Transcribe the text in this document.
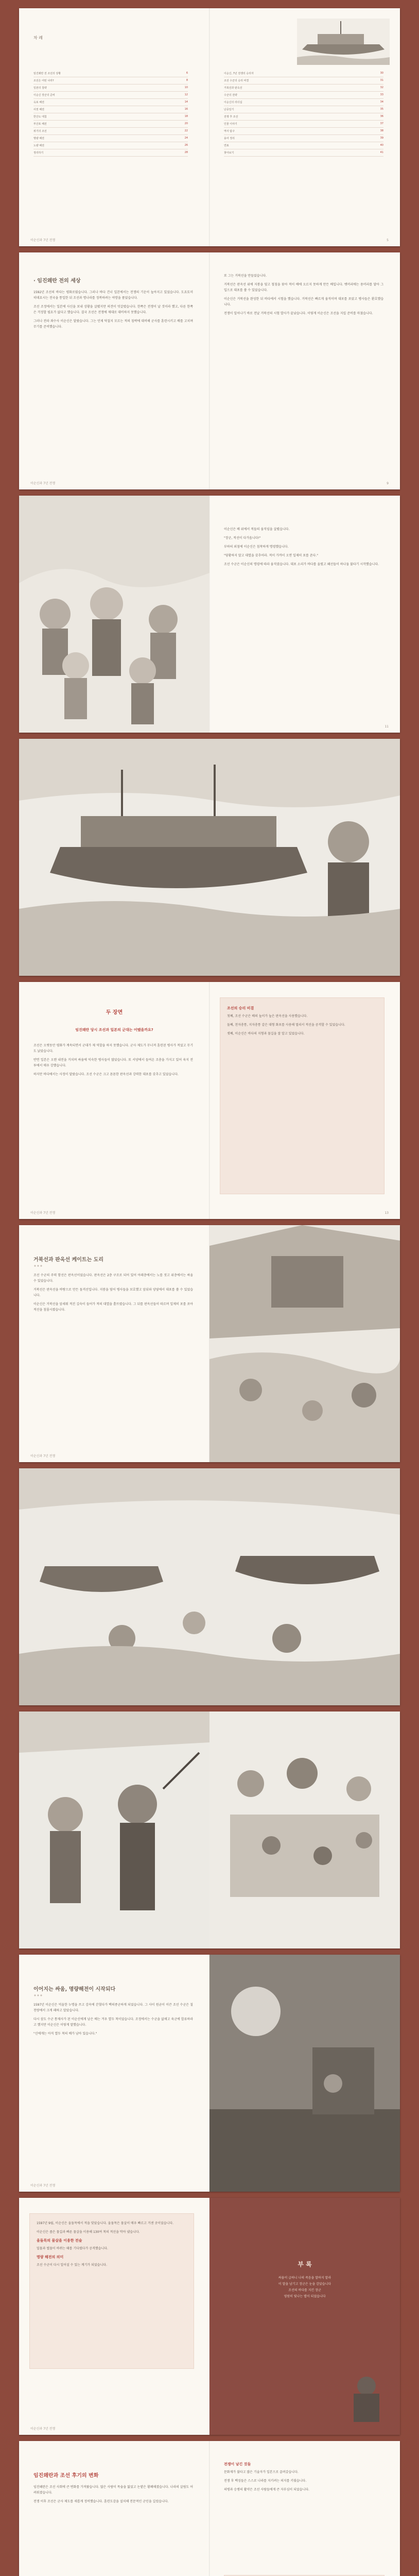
차 례
임진왜란 전 조선의 상황	6
조선은 어떤 나라?	8
일본의 침략	10
이순신 장군의 준비	12
옥포 해전	14
사천 해전	16
한산도 대첩	18
부산포 해전	20
위기의 조선	22
명량 해전	24
노량 해전	26
정리하기	28
이순신과 7년 전쟁
이순신, 7년 전쟁의 승리자	30
조선 수군의 승리 비결	31
거북선과 판옥선	32
수군의 전략	33
이순신의 리더십	34
난중일기	35
전쟁 후 조선	36
인물 이야기	37
역사 탐구	38
용어 정리	39
연표	40
찾아보기	41
5
· 임진왜란 전의 세상

1592년 조선의 바다는 평화로웠습니다. 그러나 바다 건너 일본에서는 전쟁의 기운이 높아지고 있었습니다. 도요토미 히데요시는 전국을 통일한 뒤 조선과 명나라를 정복하려는 야망을 품었습니다.

조선 조정에서는 일본에 사신을 보내 상황을 살폈지만 의견이 엇갈렸습니다. 한쪽은 전쟁이 날 것이라 했고, 다른 한쪽은 걱정할 필요가 없다고 했습니다. 결국 조선은 전쟁에 제대로 대비하지 못했습니다.

그러나 전라 좌수사 이순신은 달랐습니다. 그는 언제 닥칠지 모르는 적의 침략에 대비해 군사를 훈련시키고 배를 고치며 무기를 준비했습니다.

이순신과 7년 전쟁

또 그는 거북선을 만들었습니다.

거북선은 판옥선 위에 지붕을 덮고 철침을 꽂아 적이 배에 오르지 못하게 만든 배입니다. 뱃머리에는 용머리를 달아 그 입으로 대포를 쏠 수 있었습니다.

이순신은 거북선을 완성한 뒤 바다에서 시험을 했습니다. 거북선은 빠르게 움직이며 대포를 쏘았고 병사들은 환호했습니다.

전쟁이 일어나기 바로 전날 거북선의 시험 발사가 끝났습니다. 이렇게 이순신은 조선을 지킬 준비를 마쳤습니다.

9

이순신은 배 위에서 적들의 움직임을 살폈습니다.

"장군, 적선이 다가옵니다!"

부하의 외침에 이순신은 침착하게 명령했습니다.

"당황하지 말고 대열을 갖추어라. 적이 가까이 오면 일제히 포를 쏜다."

조선 수군은 이순신의 명령에 따라 움직였습니다. 대포 소리가 바다를 울렸고 왜선들이 하나둘 불타기 시작했습니다.

11
두 장면
임진왜란 당시 조선과 일본의 군대는 어땠을까요?

조선은 오랫동안 평화가 계속되면서 군대가 제 역할을 하지 못했습니다. 군사 제도가 무너져 훈련된 병사가 적었고 무기도 낡았습니다.

반면 일본은 오랜 내전을 거치며 싸움에 익숙한 병사들이 많았습니다. 또 서양에서 들여온 조총을 가지고 있어 육지 전투에서 매우 강했습니다.

하지만 바다에서는 사정이 달랐습니다. 조선 수군은 크고 튼튼한 판옥선과 강력한 대포를 갖추고 있었습니다.

이순신과 7년 전쟁
조선의 승리 비결

첫째, 조선 수군은 배의 높이가 높은 판옥선을 사용했습니다.

둘째, 천자총통, 지자총통 같은 대형 화포를 사용해 멀리서 적선을 공격할 수 있었습니다.

셋째, 이순신은 바다의 지형과 물길을 잘 알고 있었습니다.

13
거북선과 판옥선 케이트는 도리

조선 수군의 주력 함선은 판옥선이었습니다. 판옥선은 2층 구조로 되어 있어 아래층에서는 노를 젓고 위층에서는 싸울 수 있었습니다.

거북선은 판옥선을 바탕으로 만든 돌격선입니다. 지붕을 덮어 병사들을 보호했고 앞뒤와 양옆에서 대포를 쏠 수 있었습니다.

이순신은 거북선을 앞세워 적진 깊숙이 들어가 적의 대열을 흩뜨렸습니다. 그 뒤를 판옥선들이 따르며 일제히 포를 쏘아 적선을 침몰시켰습니다.

이순신과 7년 전쟁
이어지는 싸움, 명량해전이 시작되다

1597년 이순신은 억울한 누명을 쓰고 감옥에 갇혔다가 백의종군하게 되었습니다. 그 사이 원균이 이끈 조선 수군은 칠천량에서 크게 패하고 말았습니다.

다시 삼도 수군 통제사가 된 이순신에게 남은 배는 겨우 열두 척이었습니다. 조정에서는 수군을 없애고 육군에 합류하라고 했지만 이순신은 이렇게 말했습니다.

"신에게는 아직 열두 척의 배가 남아 있습니다."

이순신과 7년 전쟁

1597년 9월, 이순신은 울돌목에서 적을 맞았습니다. 울돌목은 물살이 매우 빠르고 거센 곳이었습니다.

이순신은 좁은 물길과 빠른 물살을 이용해 130여 척의 적선을 막아 냈습니다.

울돌목의 물살을 이용한 전술

밀물과 썰물이 바뀌는 때를 기다렸다가 공격했습니다.

명량 해전의 의미

조선 수군이 다시 일어설 수 있는 계기가 되었습니다.

이순신과 7년 전쟁
부 록
싸움이 급하니 나의 죽음을 말하지 말라
이 말을 남기고 장군은 눈을 감았습니다
조선의 바다를 지킨 장군
영원히 빛나는 별이 되었습니다
임진왜란과 조선 후기의 변화

임진왜란은 조선 사회에 큰 변화를 가져왔습니다. 많은 사람이 목숨을 잃었고 논밭은 황폐해졌습니다. 나라의 살림도 어려워졌습니다.

전쟁 이후 조선은 군사 제도를 새롭게 정비했습니다. 훈련도감을 설치해 전문적인 군인을 길렀습니다.

전쟁이 남긴 것들

문화재가 불타고 많은 기술자가 일본으로 끌려갔습니다.

전쟁 후 백성들은 스스로 나라를 지키려는 의지를 키웠습니다.

의병과 승병의 활약은 조선 사람들에게 큰 자부심이 되었습니다.
